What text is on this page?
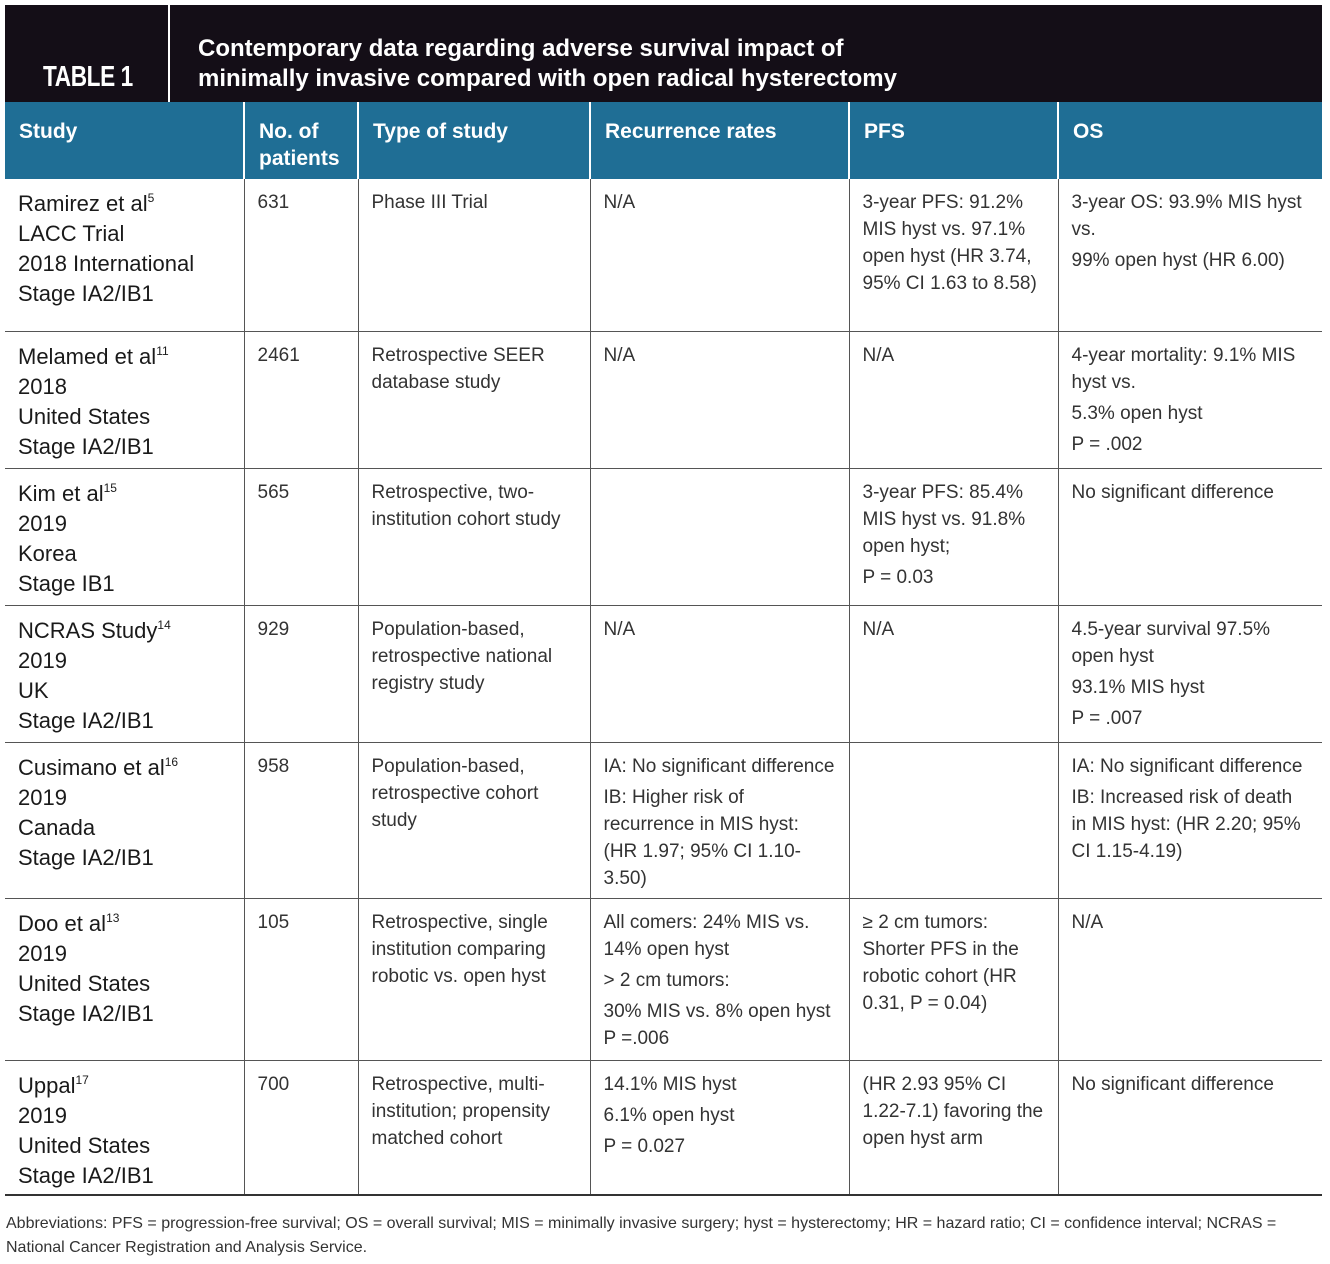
TABLE 1
Contemporary data regarding adverse survival impact of
minimally invasive compared with open radical hysterectomy
Study	No. of patients	Type of study	Recurrence rates	PFS	OS
Ramirez et $al^5$

LACC Trial
2018 International
Stage IA2/IB1	631	Phase III Trial	N/A	3-year PFS: 91.2% MIS hyst vs. 97.1% open hyst (HR 3.74, 95% CI 1.63 to 8.58)	3-year OS: 93.9% MIS hyst vs.
99% open hyst (HR 6.00)

Melamed et $al^{11}$

2018
United States
Stage IA2/IB1	2461	Retrospective SEER database study	N/A	N/A	4-year mortality: 9.1% MIS hyst vs.
5.3% open hyst
P = .002

Kim et $al^{15}$

2019
Korea
Stage IB1	565	Retrospective, two-institution cohort study		3-year PFS: 85.4% MIS hyst vs. 91.8% open hyst;
P = 0.03	No significant difference

NCRAS Study$^{14}$

2019
UK
Stage IA2/IB1	929	Population-based, retrospective national registry study	N/A	N/A	4.5-year survival 97.5% open hyst
93.1% MIS hyst
P = .007

Cusimano et $al^{16}$

2019
Canada
Stage IA2/IB1	958	Population-based, retrospective cohort study	IA: No significant difference
IB: Higher risk of recurrence in MIS hyst: (HR 1.97; 95% CI 1.10-3.50)		IA: No significant difference
IB: Increased risk of death in MIS hyst: (HR 2.20; 95% CI 1.15-4.19)

Doo et $al^{13}$

2019
United States
Stage IA2/IB1	105	Retrospective, single institution comparing robotic vs. open hyst	All comers: 24% MIS vs. 14% open hyst
> 2 cm tumors:
30% MIS vs. 8% open hyst P =.006	≥ 2 cm tumors: Shorter PFS in the robotic cohort (HR 0.31, P = 0.04)	N/A

Uppal$^{17}$

2019
United States
Stage IA2/IB1	700	Retrospective, multi-institution; propensity matched cohort	14.1% MIS hyst
6.1% open hyst
P = 0.027	(HR 2.93 95% CI 1.22-7.1) favoring the open hyst arm	No significant difference
Abbreviations: PFS = progression-free survival; OS = overall survival; MIS = minimally invasive surgery; hyst = hysterectomy; HR = hazard ratio; CI = confidence interval; NCRAS = National Cancer Registration and Analysis Service.
